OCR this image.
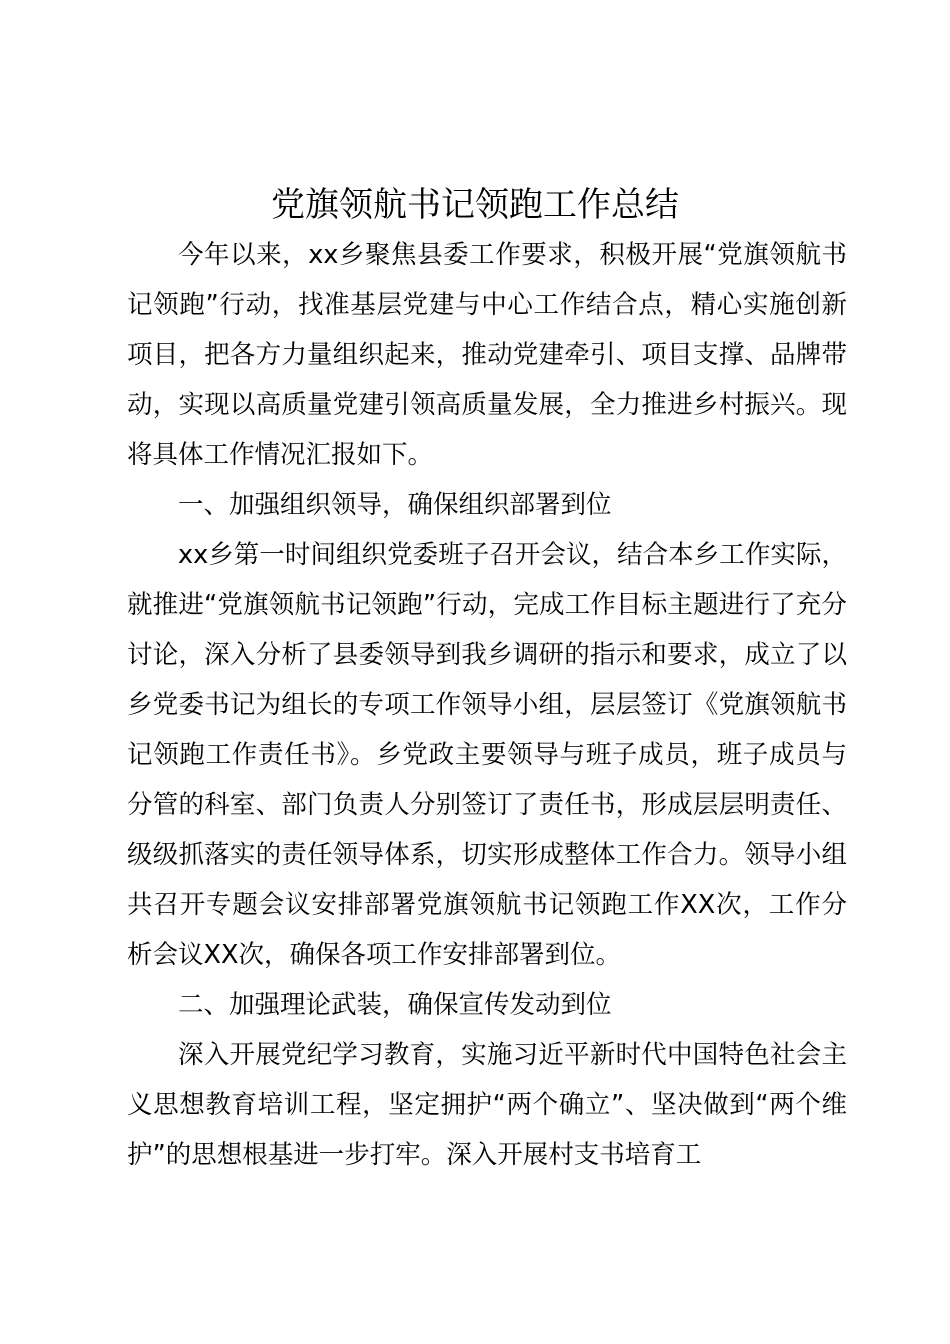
党旗领航书记领跑工作总结

今年以来，xx乡聚焦县委工作要求，积极开展“党旗领航书记领跑”行动，找准基层党建与中心工作结合点，精心实施创新项目，把各方力量组织起来，推动党建牵引、项目支撑、品牌带动，实现以高质量党建引领高质量发展，全力推进乡村振兴。现将具体工作情况汇报如下。

一、加强组织领导，确保组织部署到位

xx乡第一时间组织党委班子召开会议，结合本乡工作实际，就推进“党旗领航书记领跑”行动，完成工作目标主题进行了充分讨论，深入分析了县委领导到我乡调研的指示和要求，成立了以乡党委书记为组长的专项工作领导小组，层层签订《党旗领航书记领跑工作责任书》。乡党政主要领导与班子成员，班子成员与分管的科室、部门负责人分别签订了责任书，形成层层明责任、级级抓落实的责任领导体系，切实形成整体工作合力。领导小组共召开专题会议安排部署党旗领航书记领跑工作XX次，工作分析会议XX次，确保各项工作安排部署到位。

二、加强理论武装，确保宣传发动到位

深入开展党纪学习教育，实施习近平新时代中国特色社会主义思想教育培训工程，坚定拥护“两个确立”、坚决做到“两个维护”的思想根基进一步打牢。深入开展村支书培育工
